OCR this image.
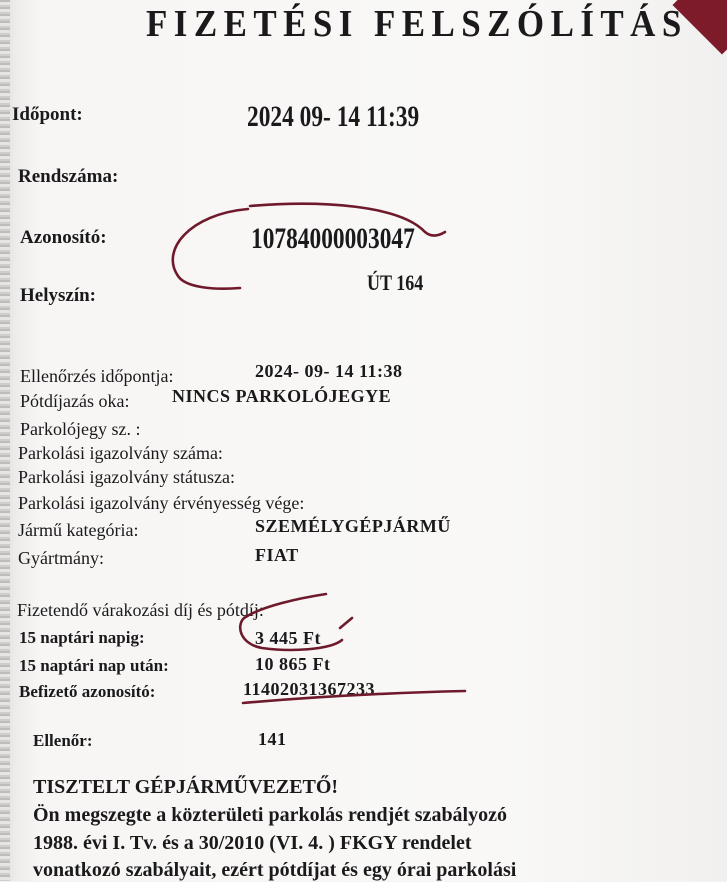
FIZETÉSI FELSZÓLÍTÁS
Időpont:	2024 09- 14 11:39
Rendszáma:
Azonosító:	10784000003047
Helyszín:
ÚT 164
Ellenőrzés időpontja:	2024- 09- 14 11:38
Pótdíjazás oka: NINCS PARKOLÓJEGYE
Parkolójegy sz. :
Parkolási igazolvány száma:
Parkolási igazolvány státusza:
Parkolási igazolvány érvényesség vége:
Jármű kategória:	SZEMÉLYGÉPJÁRMŰ
Gyártmány:	FIAT
Fizetendő várakozási díj és pótdíj:
15 naptári napig:	3 445 Ft
15 naptári nap után:	10 865 Ft
Befizető azonosító:	11402031367233
Ellenőr:	141
TISZTELT GÉPJÁRMŰVEZETŐ!
Ön megszegte a közterületi parkolás rendjét szabályozó
1988. évi I. Tv. és a 30/2010 (VI. 4. ) FKGY rendelet
vonatkozó szabályait, ezért pótdíjat és egy órai parkolási
